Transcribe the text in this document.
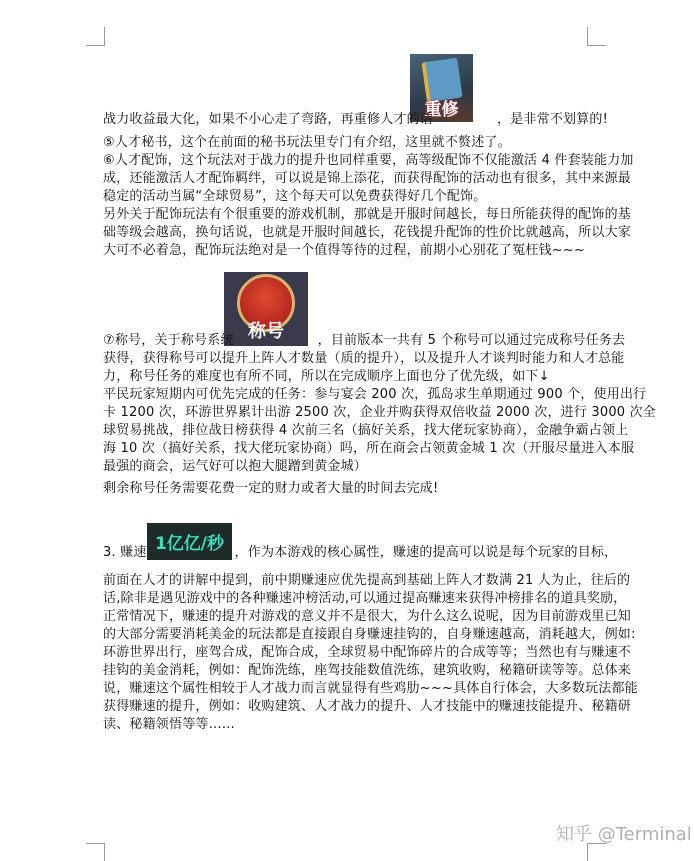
重修
战力收益最大化，如果不小心走了弯路，再重修人才的话	，是非常不划算的!
⑤人才秘书，这个在前面的秘书玩法里专门有介绍，这里就不赘述了。
⑥人才配饰，这个玩法对于战力的提升也同样重要，高等级配饰不仅能激活 4 件套装能力加
成，还能激活人才配饰羁绊，可以说是锦上添花，而获得配饰的活动也有很多，其中来源最
稳定的活动当属“全球贸易”，这个每天可以免费获得好几个配饰。
另外关于配饰玩法有个很重要的游戏机制，那就是开服时间越长，每日所能获得的配饰的基
础等级会越高，换句话说，也就是开服时间越长，花钱提升配饰的性价比就越高，所以大家
大可不必着急，配饰玩法绝对是一个值得等待的过程，前期小心别花了冤枉钱~~~
称号
⑦称号，关于称号系统	，目前版本一共有 5 个称号可以通过完成称号任务去
获得，获得称号可以提升上阵人才数量（质的提升），以及提升人才谈判时能力和人才总能
力，称号任务的难度也有所不同，所以在完成顺序上面也分了优先级，如下↓
平民玩家短期内可优先完成的任务：参与宴会 200 次，孤岛求生单期通过 900 个，使用出行
卡 1200 次，环游世界累计出游 2500 次，企业并购获得双倍收益 2000 次，进行 3000 次全
球贸易挑战，排位战日榜获得 4 次前三名（搞好关系，找大佬玩家协商），金融争霸占领上
海 10 次（搞好关系，找大佬玩家协商）吗，所在商会占领黄金城 1 次（开服尽量进入本服
最强的商会，运气好可以抱大腿蹭到黄金城）
剩余称号任务需要花费一定的财力或者大量的时间去完成!
1亿亿/秒
3. 赚速	，作为本游戏的核心属性，赚速的提高可以说是每个玩家的目标，
前面在人才的讲解中提到，前中期赚速应优先提高到基础上阵人才数满 21 人为止，往后的
话,除非是遇见游戏中的各种赚速冲榜活动,可以通过提高赚速来获得冲榜排名的道具奖励，
正常情况下，赚速的提升对游戏的意义并不是很大，为什么这么说呢，因为目前游戏里已知
的大部分需要消耗美金的玩法都是直接跟自身赚速挂钩的，自身赚速越高，消耗越大，例如:
环游世界出行，座驾合成，配饰合成，全球贸易中配饰碎片的合成等等；当然也有与赚速不
挂钩的美金消耗，例如：配饰洗练，座驾技能数值洗练，建筑收购，秘籍研读等等。总体来
说，赚速这个属性相较于人才战力而言就显得有些鸡肋~~~具体自行体会，大多数玩法都能
获得赚速的提升，例如：收购建筑、人才战力的提升、人才技能中的赚速技能提升、秘籍研
读、秘籍领悟等等……
知乎 @Terminal
